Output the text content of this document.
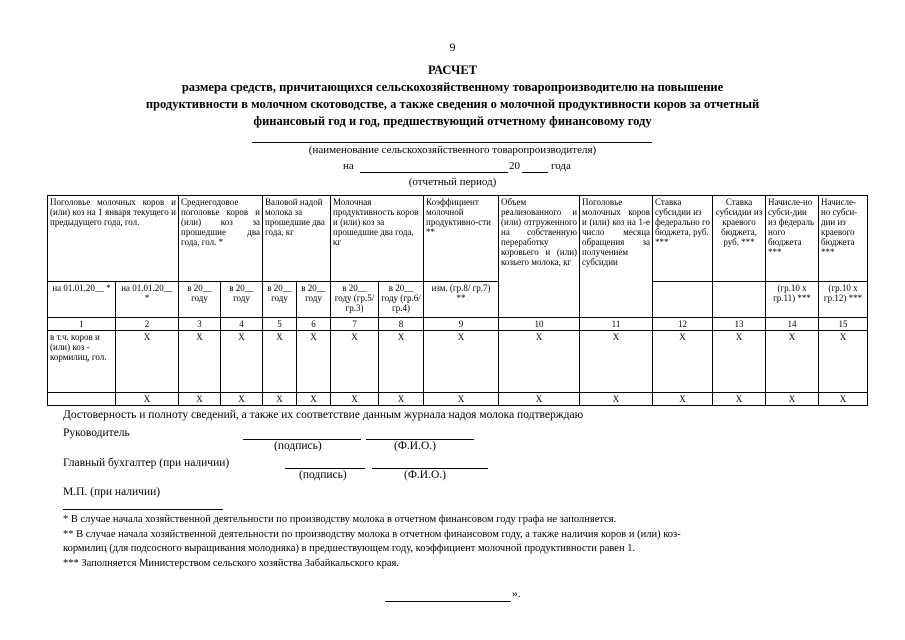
9
РАСЧЕТ
размера средств, причитающихся сельскохозяйственному товаропроизводителю на повышение
продуктивности в молочном скотоводстве, а также сведения о молочной продуктивности коров за отчетный
финансовый год и год, предшествующий отчетному финансовому году
(наименование сельскохозяйственного товаропроизводителя)
на	20	года
(отчетный период)
Поголовье молочных коров и (или) коз на 1 января текущего и предыдущего года, гол.		Среднегодовое поголовье коров и (или) коз за прошедшие два года, гол. *		Валовой надой молока за прошедшие два года, кг		Молочная продуктивность коров и (или) коз за прошедшие два года, кг		Коэффициент молочной продуктивно-сти **	Объем реализованного и (или) отгруженного на собственную переработку коровьего и (или) козьего молока, кг	Поголовье молочных коров и (или) коз на 1-е число месяца обращения за получением субсидии	Ставка субсидии из федерально го бюджета, руб. ***	Ставка субсидии из краевого бюджета, руб. ***	Начисле-но субси-дии из федераль ного бюджета ***	Начисле-но субси-дии из краевого бюджета ***
на 01.01.20__ *	на 01.01.20__ *	в 20__ году	в 20__ году	в 20__ году	в 20__ году	в 20__ году (гр.5/гр.3)	в 20__ году (гр.6/гр.4)	изм. (гр.8/ гр.7) **					(гр.10 х гр.11) ***	(гр.10 х гр.12) ***
1	2	3	4	5	6	7	8	9	10	11	12	13	14	15
в т.ч. коров и (или) коз - кормилиц, гол.	Х	Х	Х	Х	Х	Х	Х	Х	Х	Х	Х	Х	Х	Х
	Х	Х	Х	Х	Х	Х	Х	Х	Х	Х	Х	Х	Х	Х
Достоверность и полноту сведений, а также их соответствие данным журнала надоя молока подтверждаю
Руководитель
(подпись)	(Ф.И.О.)
Главный бухгалтер (при наличии)
(подпись)	(Ф.И.О.)
М.П. (при наличии)
* В случае начала хозяйственной деятельности по производству молока в отчетном финансовом году графа не заполняется.
** В случае начала хозяйственной деятельности по производству молока в отчетном финансовом году, а также наличия коров и (или) коз-
кормилиц (для подсосного выращивания молодняка) в предшествующем году, коэффициент молочной продуктивности равен 1.
*** Заполняется Министерством сельского хозяйства Забайкальского края.
».
